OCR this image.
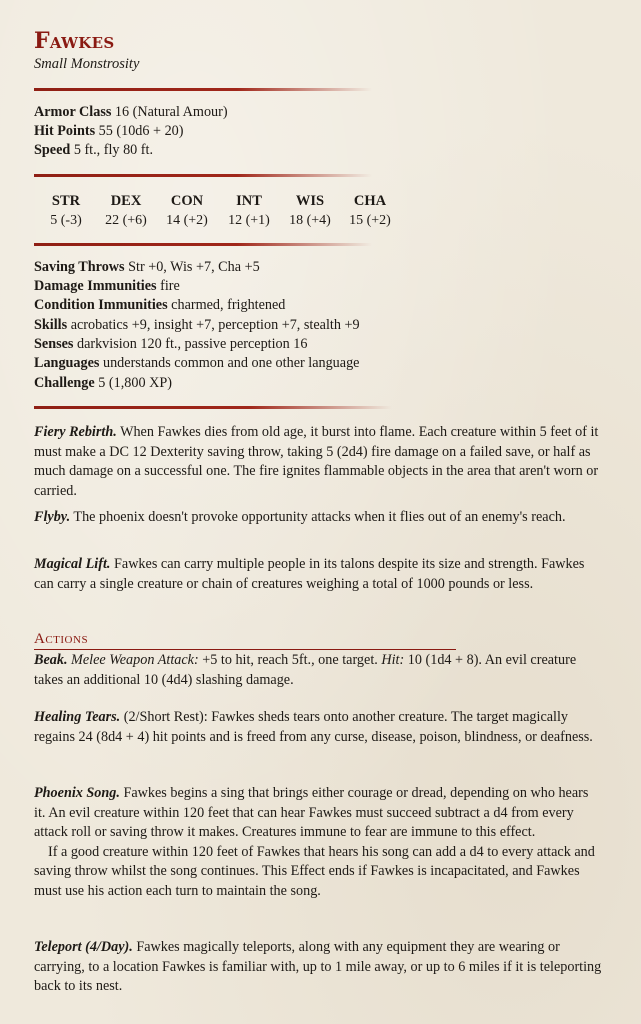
Fawkes
Small Monstrosity
Armor Class 16 (Natural Amour)
Hit Points 55 (10d6 + 20)
Speed 5 ft., fly 80 ft.
STR
5 (-3)
DEX
22 (+6)
CON
14 (+2)
INT
12 (+1)
WIS
18 (+4)
CHA
15 (+2)
Saving Throws Str +0, Wis +7, Cha +5
Damage Immunities fire
Condition Immunities charmed, frightened
Skills acrobatics +9, insight +7, perception +7, stealth +9
Senses darkvision 120 ft., passive perception 16
Languages understands common and one other language
Challenge 5 (1,800 XP)
Fiery Rebirth. When Fawkes dies from old age, it burst into flame. Each creature within 5 feet of it must make a DC 12 Dexterity saving throw, taking 5 (2d4) fire damage on a failed save, or half as much damage on a successful one. The fire ignites flammable objects in the area that aren't worn or carried.
Flyby. The phoenix doesn't provoke opportunity attacks when it flies out of an enemy's reach.
Magical Lift. Fawkes can carry multiple people in its talons despite its size and strength. Fawkes can carry a single creature or chain of creatures weighing a total of 1000 pounds or less.
Actions
Beak. Melee Weapon Attack: +5 to hit, reach 5ft., one target. Hit: 10 (1d4 + 8). An evil creature takes an additional 10 (4d4) slashing damage.
Healing Tears. (2/Short Rest): Fawkes sheds tears onto another creature. The target magically regains 24 (8d4 + 4) hit points and is freed from any curse, disease, poison, blindness, or deafness.
Phoenix Song. Fawkes begins a sing that brings either courage or dread, depending on who hears it. An evil creature within 120 feet that can hear Fawkes must succeed subtract a d4 from every attack roll or saving throw it makes. Creatures immune to fear are immune to this effect.
If a good creature within 120 feet of Fawkes that hears his song can add a d4 to every attack and saving throw whilst the song continues. This Effect ends if Fawkes is incapacitated, and Fawkes must use his action each turn to maintain the song.
Teleport (4/Day). Fawkes magically teleports, along with any equipment they are wearing or carrying, to a location Fawkes is familiar with, up to 1 mile away, or up to 6 miles if it is teleporting back to its nest.
